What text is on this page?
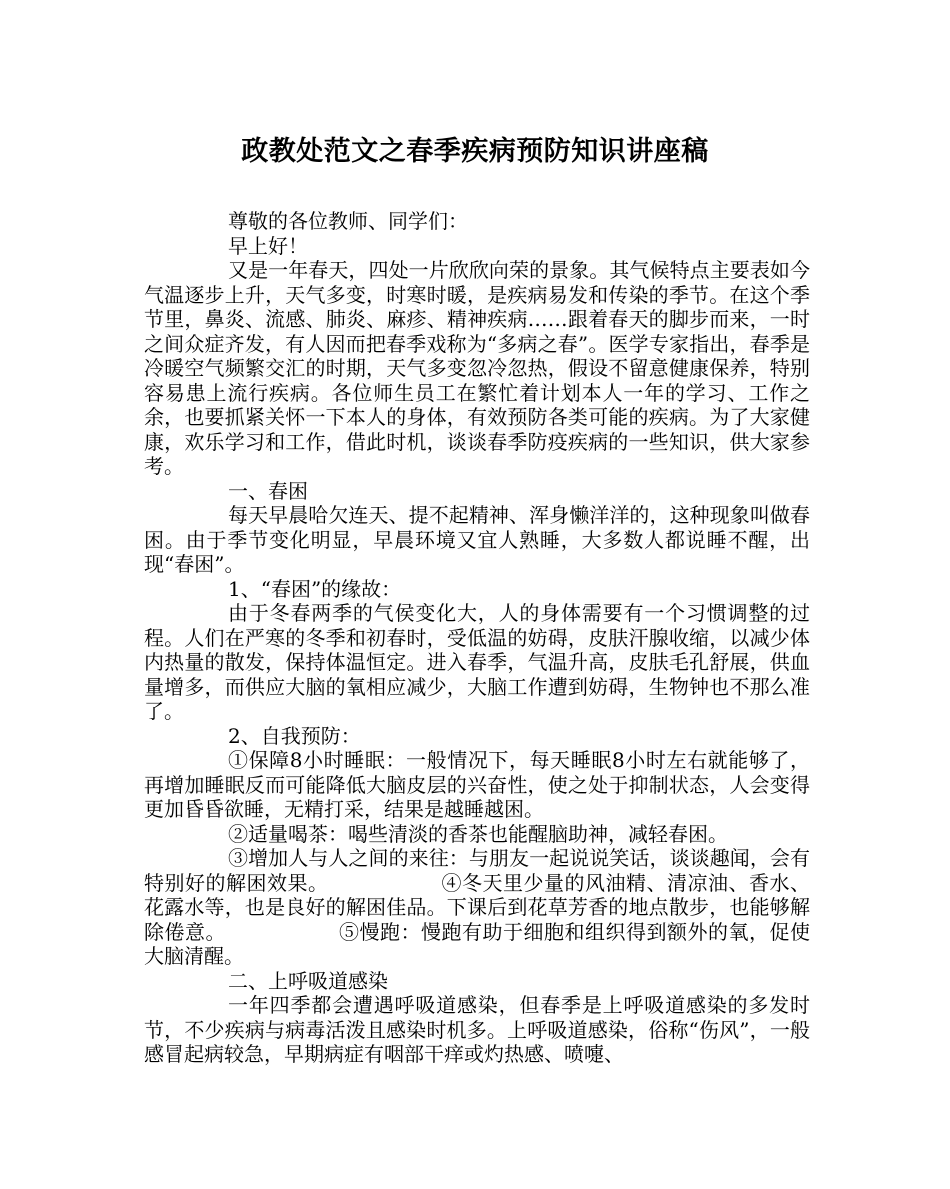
政教处范文之春季疾病预防知识讲座稿

尊敬的各位教师、同学们：

早上好！

又是一年春天，四处一片欣欣向荣的景象。其气候特点主要表如今气温逐步上升，天气多变，时寒时暖，是疾病易发和传染的季节。在这个季节里，鼻炎、流感、肺炎、麻疹、精神疾病……跟着春天的脚步而来，一时之间众症齐发，有人因而把春季戏称为“多病之春”。医学专家指出，春季是冷暖空气频繁交汇的时期，天气多变忽冷忽热，假设不留意健康保养，特别容易患上流行疾病。各位师生员工在繁忙着计划本人一年的学习、工作之余，也要抓紧关怀一下本人的身体，有效预防各类可能的疾病。为了大家健康，欢乐学习和工作，借此时机，谈谈春季防疫疾病的一些知识，供大家参考。

一、春困

每天早晨哈欠连天、提不起精神、浑身懒洋洋的，这种现象叫做春困。由于季节变化明显，早晨环境又宜人熟睡，大多数人都说睡不醒，出现“春困”。

1、“春困”的缘故：

由于冬春两季的气侯变化大，人的身体需要有一个习惯调整的过程。人们在严寒的冬季和初春时，受低温的妨碍，皮肤汗腺收缩，以减少体内热量的散发，保持体温恒定。进入春季，气温升高，皮肤毛孔舒展，供血量增多，而供应大脑的氧相应减少，大脑工作遭到妨碍，生物钟也不那么准了。

2、自我预防：

①保障8小时睡眠：一般情况下，每天睡眠8小时左右就能够了，再增加睡眠反而可能降低大脑皮层的兴奋性，使之处于抑制状态，人会变得更加昏昏欲睡，无精打采，结果是越睡越困。

②适量喝茶：喝些清淡的香茶也能醒脑助神，减轻春困。

③增加人与人之间的来往：与朋友一起说说笑话，谈谈趣闻，会有特别好的解困效果。　　　　　　④冬天里少量的风油精、清凉油、香水、花露水等，也是良好的解困佳品。下课后到花草芳香的地点散步，也能够解除倦意。　　　　　　⑤慢跑：慢跑有助于细胞和组织得到额外的氧，促使大脑清醒。

二、上呼吸道感染

一年四季都会遭遇呼吸道感染，但春季是上呼吸道感染的多发时节，不少疾病与病毒活泼且感染时机多。上呼吸道感染，俗称“伤风”，一般感冒起病较急，早期病症有咽部干痒或灼热感、喷嚏、
